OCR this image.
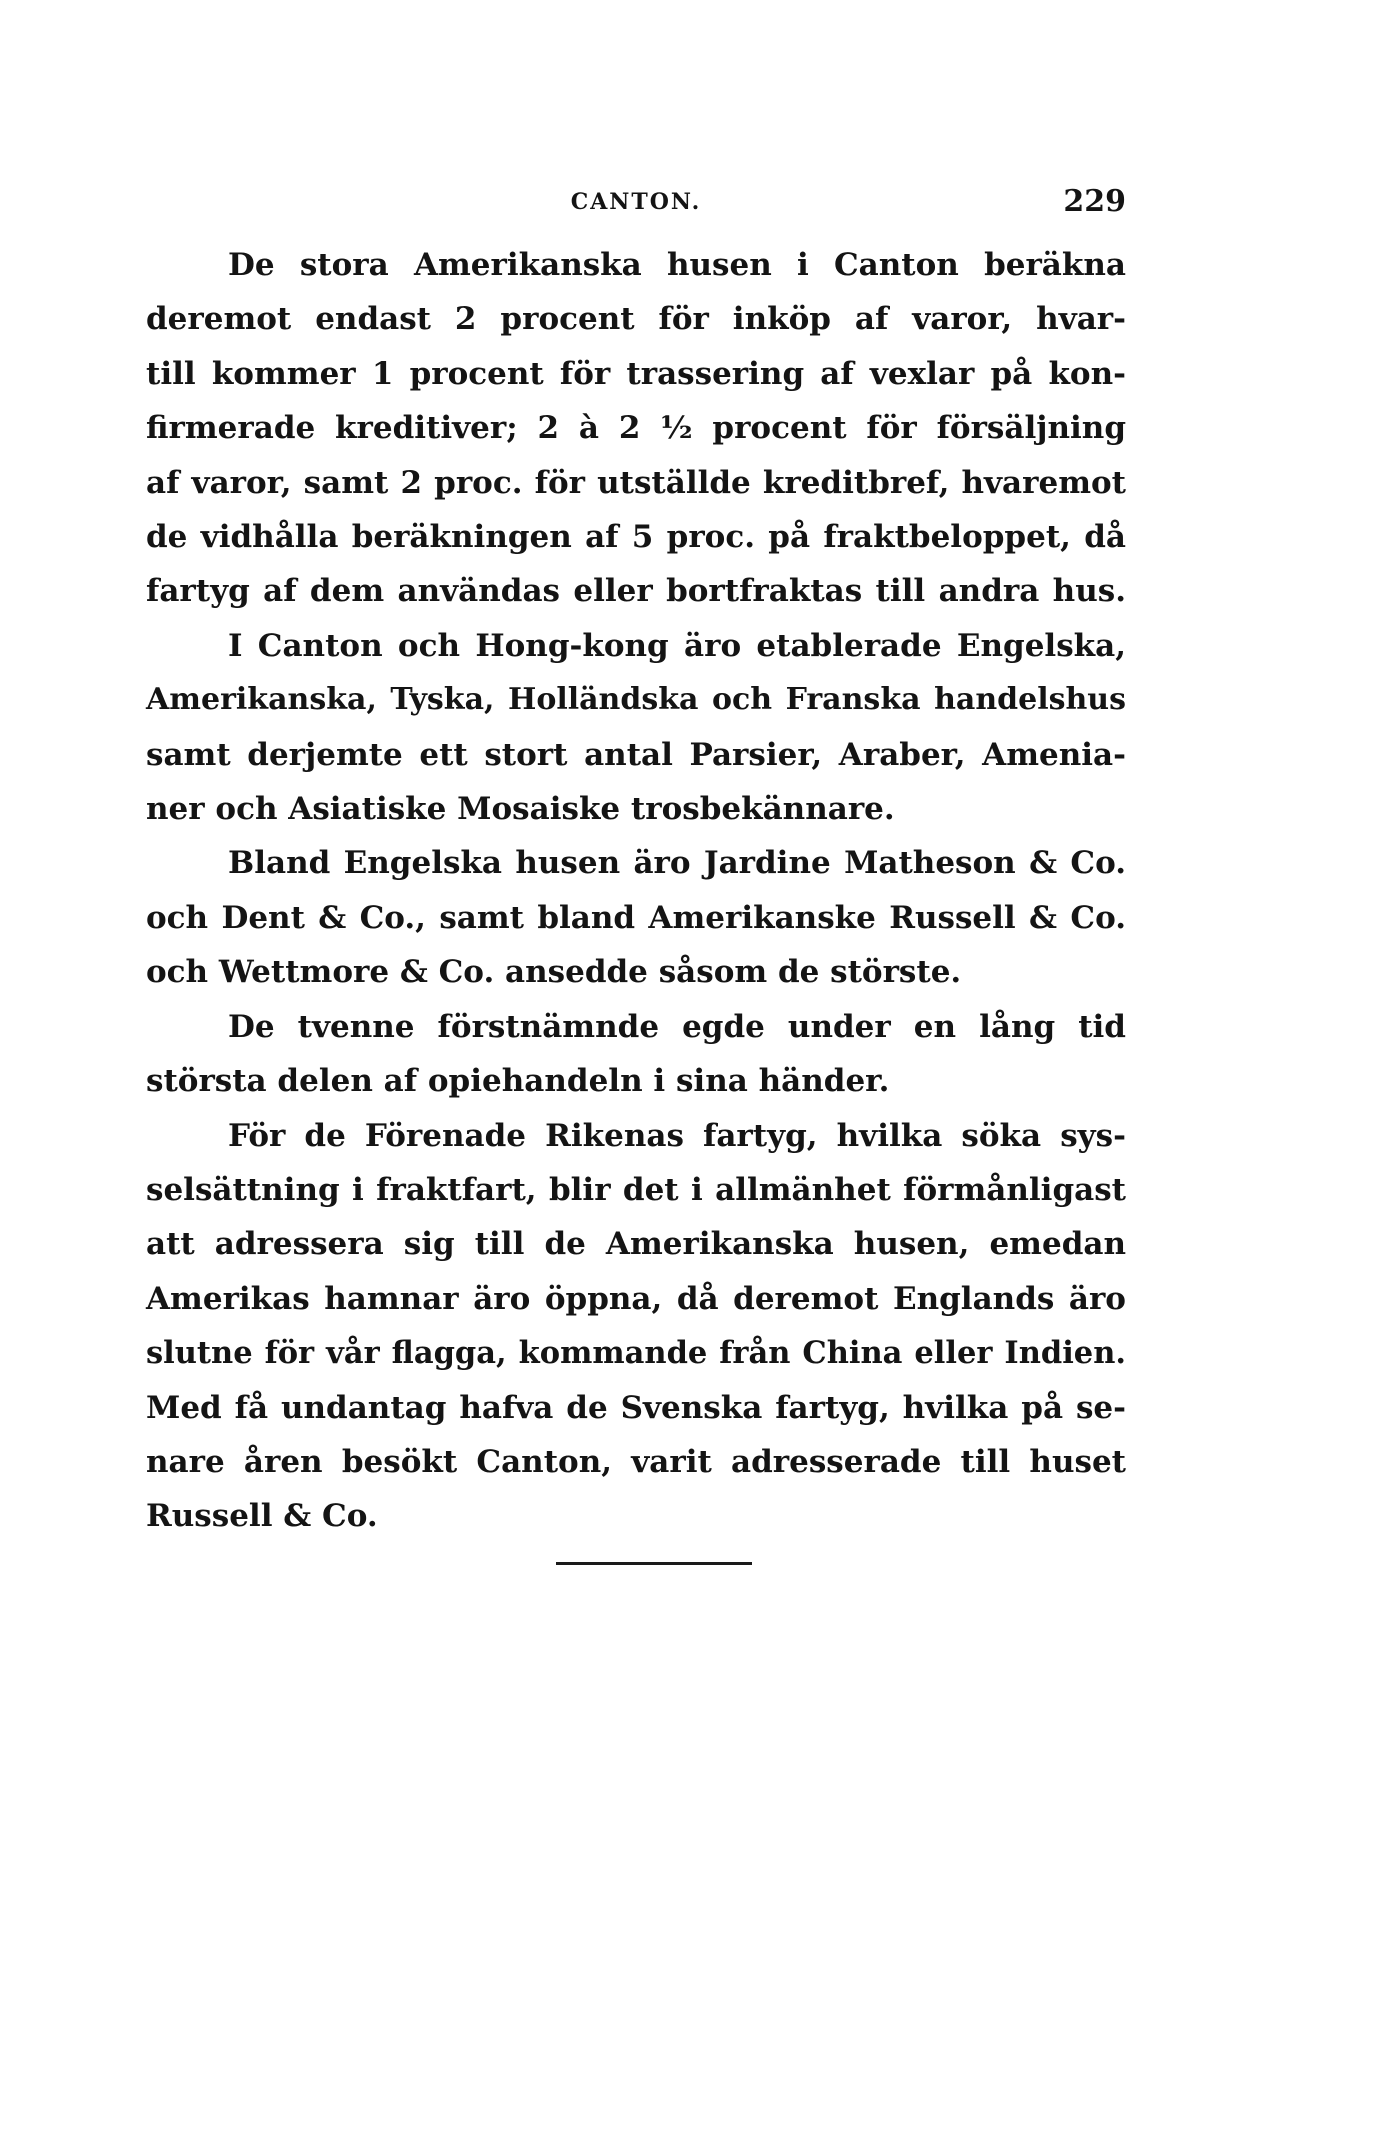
CANTON.	229

De stora Amerikanska husen i Canton beräkna
deremot endast 2 procent för inköp af varor, hvar-
till kommer 1 procent för trassering af vexlar på kon-
firmerade kreditiver; 2 à 2 ½ procent för försäljning
af varor, samt 2 proc. för utställde kreditbref, hvaremot
de vidhålla beräkningen af 5 proc. på fraktbeloppet, då
fartyg af dem användas eller bortfraktas till andra hus.

I Canton och Hong-kong äro etablerade Engelska,
Amerikanska, Tyska, Holländska och Franska handelshus
samt derjemte ett stort antal Parsier, Araber, Amenia-
ner och Asiatiske Mosaiske trosbekännare.

Bland Engelska husen äro Jardine Matheson & Co.
och Dent & Co., samt bland Amerikanske Russell & Co.
och Wettmore & Co. ansedde såsom de störste.

De tvenne förstnämnde egde under en lång tid
största delen af opiehandeln i sina händer.

För de Förenade Rikenas fartyg, hvilka söka sys-
selsättning i fraktfart, blir det i allmänhet förmånligast
att adressera sig till de Amerikanska husen, emedan
Amerikas hamnar äro öppna, då deremot Englands äro
slutne för vår flagga, kommande från China eller Indien.
Med få undantag hafva de Svenska fartyg, hvilka på se-
nare åren besökt Canton, varit adresserade till huset
Russell & Co.
